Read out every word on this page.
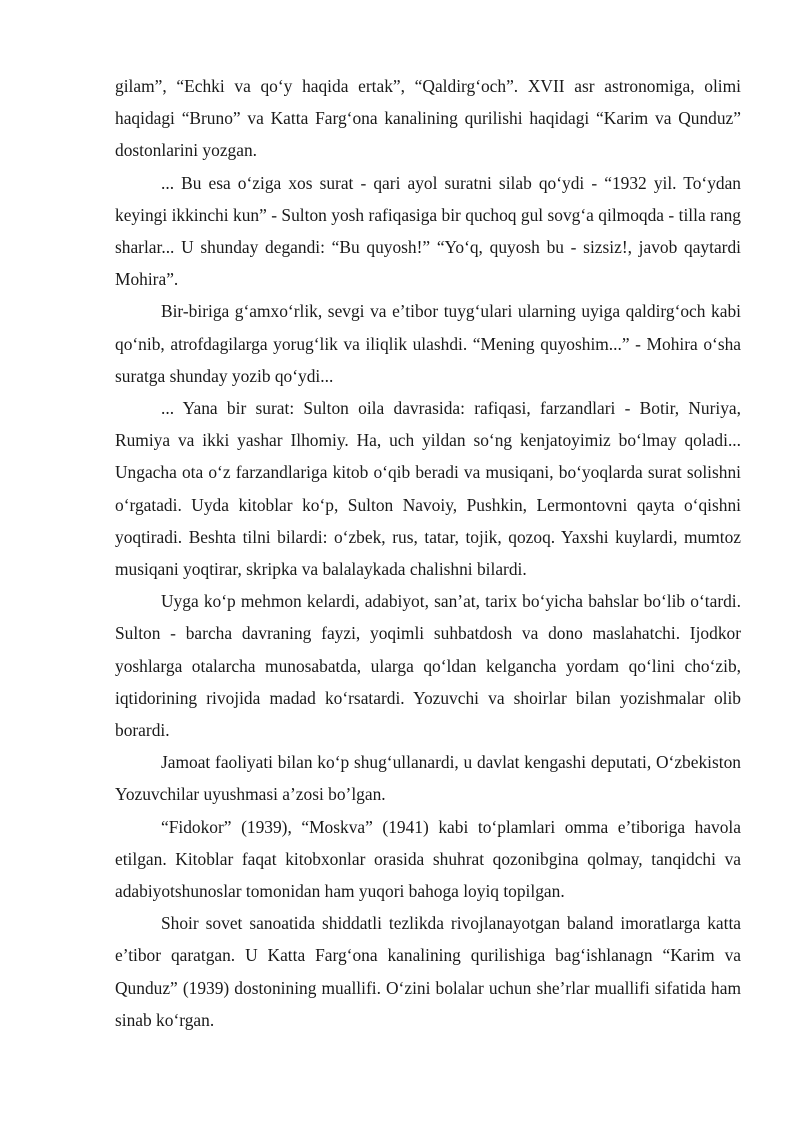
gilam”, “Echki va qo‘y haqida ertak”, “Qaldirg‘och”. XVII asr astronomiga, olimi haqidagi “Bruno” va Katta Farg‘ona kanalining qurilishi haqidagi “Karim va Qunduz” dostonlarini yozgan.

... Bu esa o‘ziga xos surat - qari ayol suratni silab qo‘ydi - “1932 yil. To‘ydan keyingi ikkinchi kun” - Sulton yosh rafiqasiga bir quchoq gul sovg‘a qilmoqda - tilla rang sharlar... U shunday degandi: “Bu quyosh!” “Yo‘q, quyosh bu - sizsiz!, javob qaytardi Mohira”.

Bir-biriga g‘amxo‘rlik, sevgi va e’tibor tuyg‘ulari ularning uyiga qaldirg‘och kabi qo‘nib, atrofdagilarga yorug‘lik va iliqlik ulashdi. “Mening quyoshim...” - Mohira o‘sha suratga shunday yozib qo‘ydi...

... Yana bir surat: Sulton oila davrasida: rafiqasi, farzandlari - Botir, Nuriya, Rumiya va ikki yashar Ilhomiy. Ha, uch yildan so‘ng kenjatoyimiz bo‘lmay qoladi... Ungacha ota o‘z farzandlariga kitob o‘qib beradi va musiqani, bo‘yoqlarda surat solishni o‘rgatadi. Uyda kitoblar ko‘p, Sulton Navoiy, Pushkin, Lermontovni qayta o‘qishni yoqtiradi. Beshta tilni bilardi: o‘zbek, rus, tatar, tojik, qozoq. Yaxshi kuylardi, mumtoz musiqani yoqtirar, skripka va balalaykada chalishni bilardi.

Uyga ko‘p mehmon kelardi, adabiyot, san’at, tarix bo‘yicha bahslar bo‘lib o‘tardi. Sulton - barcha davraning fayzi, yoqimli suhbatdosh va dono maslahatchi. Ijodkor yoshlarga otalarcha munosabatda, ularga qo‘ldan kelgancha yordam qo‘lini cho‘zib, iqtidorining rivojida madad ko‘rsatardi. Yozuvchi va shoirlar bilan yozishmalar olib borardi.

Jamoat faoliyati bilan ko‘p shug‘ullanardi, u davlat kengashi deputati, O‘zbekiston Yozuvchilar uyushmasi a’zosi bo’lgan.

“Fidokor” (1939), “Moskva” (1941) kabi to‘plamlari omma e’tiboriga havola etilgan. Kitoblar faqat kitobxonlar orasida shuhrat qozonibgina qolmay, tanqidchi va adabiyotshunoslar tomonidan ham yuqori bahoga loyiq topilgan.

Shoir sovet sanoatida shiddatli tezlikda rivojlanayotgan baland imoratlarga katta e’tibor qaratgan. U Katta Farg‘ona kanalining qurilishiga bag‘ishlanagn “Karim va Qunduz” (1939) dostonining muallifi. O‘zini bolalar uchun she’rlar muallifi sifatida ham sinab ko‘rgan.
